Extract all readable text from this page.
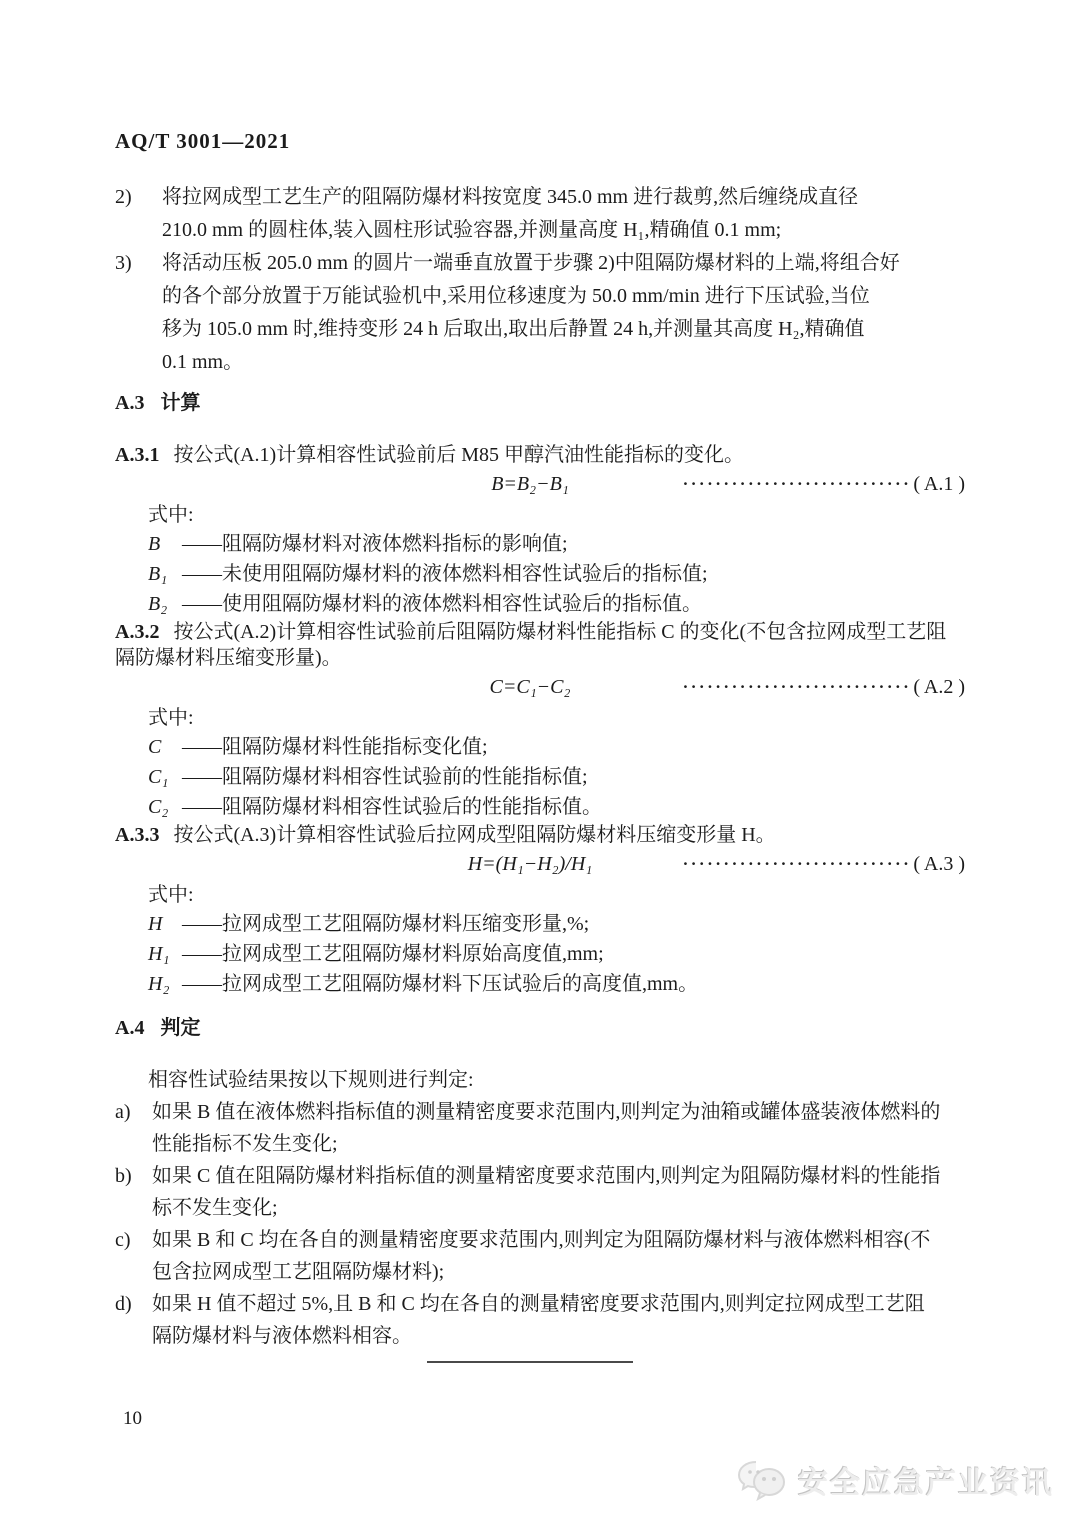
AQ/T 3001—2021
2)	将拉网成型工艺生产的阻隔防爆材料按宽度 345.0 mm 进行裁剪,然后缠绕成直径
210.0 mm 的圆柱体,装入圆柱形试验容器,并测量高度 H₁,精确值 0.1 mm;
3)	将活动压板 205.0 mm 的圆片一端垂直放置于步骤 2)中阻隔防爆材料的上端,将组合好
的各个部分放置于万能试验机中,采用位移速度为 50.0 mm/min 进行下压试验,当位
移为 105.0 mm 时,维持变形 24 h 后取出,取出后静置 24 h,并测量其高度 H₂,精确值
0.1 mm。
A.3 计算
A.3.1 按公式(A.1)计算相容性试验前后 M85 甲醇汽油性能指标的变化。
B=B₂−B₁ ·····	( A.1 )
式中:
B	——阻隔防爆材料对液体燃料指标的影响值;
B₁ ——未使用阻隔防爆材料的液体燃料相容性试验后的指标值;
B₂ ——使用阻隔防爆材料的液体燃料相容性试验后的指标值。
A.3.2 按公式(A.2)计算相容性试验前后阻隔防爆材料性能指标 C 的变化(不包含拉网成型工艺阻
隔防爆材料压缩变形量)。
C=C₁−C₂ ·····	( A.2 )
式中:
C	——阻隔防爆材料性能指标变化值;
C₁ ——阻隔防爆材料相容性试验前的性能指标值;
C₂ ——阻隔防爆材料相容性试验后的性能指标值。
A.3.3 按公式(A.3)计算相容性试验后拉网成型阻隔防爆材料压缩变形量 H。
H=(H₁−H₂)/H₁ ·····	( A.3 )
式中:
H ——拉网成型工艺阻隔防爆材料压缩变形量,%;
H₁ ——拉网成型工艺阻隔防爆材料原始高度值,mm;
H₂ ——拉网成型工艺阻隔防爆材料下压试验后的高度值,mm。
A.4 判定
相容性试验结果按以下规则进行判定:
a)	如果 B 值在液体燃料指标值的测量精密度要求范围内,则判定为油箱或罐体盛装液体燃料的
性能指标不发生变化;
b)	如果 C 值在阻隔防爆材料指标值的测量精密度要求范围内,则判定为阻隔防爆材料的性能指
标不发生变化;
c)	如果 B 和 C 均在各自的测量精密度要求范围内,则判定为阻隔防爆材料与液体燃料相容(不
包含拉网成型工艺阻隔防爆材料);
d)	如果 H 值不超过 5%,且 B 和 C 均在各自的测量精密度要求范围内,则判定拉网成型工艺阻
隔防爆材料与液体燃料相容。
10
安全应急产业资讯
